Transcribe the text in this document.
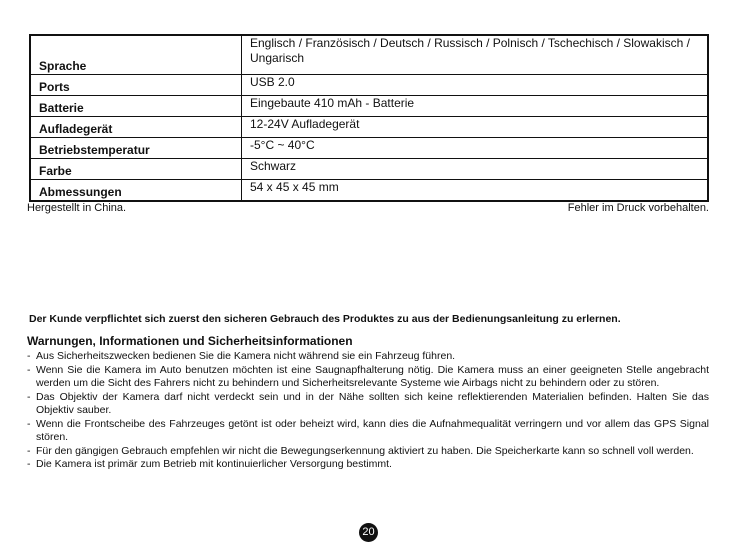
Sprache	Englisch / Französisch / Deutsch / Russisch / Polnisch / Tschechisch / Slowakisch / Ungarisch
Ports	USB 2.0
Batterie	Eingebaute 410 mAh - Batterie
Aufladegerät	12-24V Aufladegerät
Betriebstemperatur	-5°C ~ 40°C
Farbe	Schwarz
Abmessungen	54 x 45 x 45 mm
Hergestellt in China.	Fehler im Druck vorbehalten.
Der Kunde verpflichtet sich zuerst den sicheren Gebrauch des Produktes zu aus der Bedienungsanleitung zu erlernen.
Warnungen, Informationen und Sicherheitsinformationen
- Aus Sicherheitszwecken bedienen Sie die Kamera nicht während sie ein Fahrzeug führen.
- Wenn Sie die Kamera im Auto benutzen möchten ist eine Saugnapfhalterung nötig. Die Kamera muss an einer geeigneten Stelle angebracht werden um die Sicht des Fahrers nicht zu behindern und Sicherheitsrelevante Systeme wie Airbags nicht zu behindern oder zu stören.
- Das Objektiv der Kamera darf nicht verdeckt sein und in der Nähe sollten sich keine reflektierenden Materialien befinden. Halten Sie das Objektiv sauber.
- Wenn die Frontscheibe des Fahrzeuges getönt ist oder beheizt wird, kann dies die Aufnahmequalität verringern und vor allem das GPS Signal stören.
- Für den gängigen Gebrauch empfehlen wir nicht die Bewegungserkennung aktiviert zu haben. Die Speicherkarte kann so schnell voll werden.
- Die Kamera ist primär zum Betrieb mit kontinuierlicher Versorgung bestimmt.
20
